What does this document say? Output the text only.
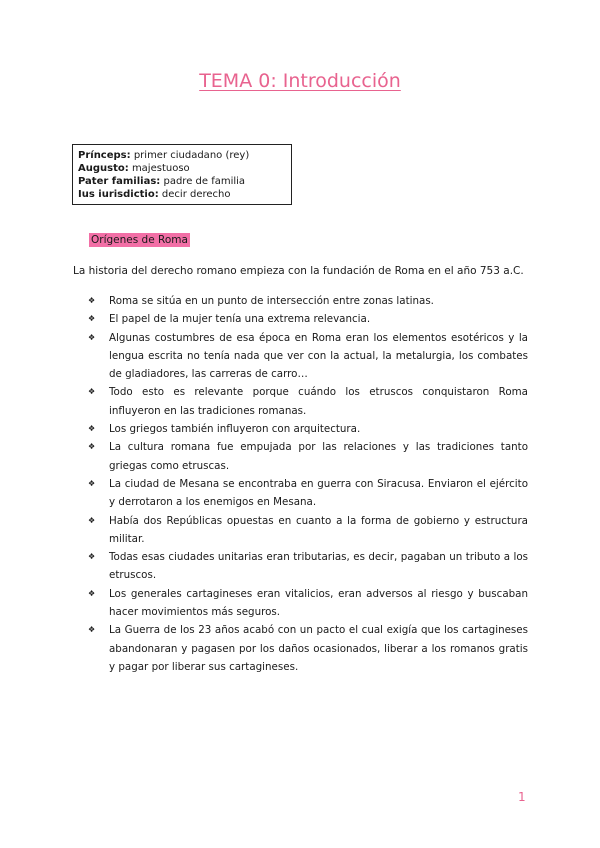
TEMA 0: Introducción
Prínceps: primer ciudadano (rey)
Augusto: majestuoso
Pater familias: padre de familia
Ius iurisdictio: decir derecho
Orígenes de Roma
La historia del derecho romano empieza con la fundación de Roma en el año 753 a.C.
❖ Roma se sitúa en un punto de intersección entre zonas latinas.
❖ El papel de la mujer tenía una extrema relevancia.
❖ Algunas costumbres de esa época en Roma eran los elementos esotéricos y la lengua escrita no tenía nada que ver con la actual, la metalurgia, los combates de gladiadores, las carreras de carro…
❖ Todo esto es relevante porque cuándo los etruscos conquistaron Roma influyeron en las tradiciones romanas.
❖ Los griegos también influyeron con arquitectura.
❖ La cultura romana fue empujada por las relaciones y las tradiciones tanto griegas como etruscas.
❖ La ciudad de Mesana se encontraba en guerra con Siracusa. Enviaron el ejército y derrotaron a los enemigos en Mesana.
❖ Había dos Repúblicas opuestas en cuanto a la forma de gobierno y estructura militar.
❖ Todas esas ciudades unitarias eran tributarias, es decir, pagaban un tributo a los etruscos.
❖ Los generales cartagineses eran vitalicios, eran adversos al riesgo y buscaban hacer movimientos más seguros.
❖ La Guerra de los 23 años acabó con un pacto el cual exigía que los cartagineses abandonaran y pagasen por los daños ocasionados, liberar a los romanos gratis y pagar por liberar sus cartagineses.
1
